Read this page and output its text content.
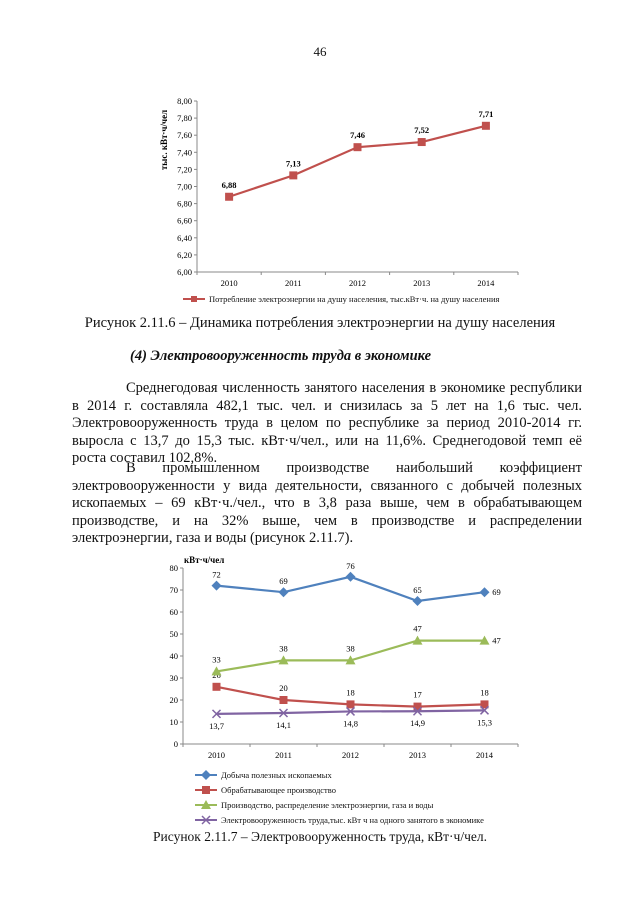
46
6,00
6,20
6,40
6,60
6,80
7,00
7,20
7,40
7,60
7,80
8,00
2010	2011	2012	2013	2014
тыс. кВт·ч/чел
6,88
7,13
7,46
7,52
7,71
Потребление электроэнергии на душу населения, тыс.кВт·ч. на душу населения
Рисунок 2.11.6 – Динамика потребления электроэнергии на душу населения
(4) Электровооруженность труда в экономике

Среднегодовая численность занятого населения в экономике республики в 2014 г. составляла 482,1 тыс. чел. и снизилась за 5 лет на 1,6 тыс. чел. Электровооруженность труда в целом по республике за период 2010-2014 гг. выросла с 13,7 до 15,3 тыс. кВт·ч/чел., или на 11,6%. Среднегодовой темп её роста составил 102,8%.

В промышленном производстве наибольший коэффициент электровооруженности у вида деятельности, связанного с добычей полезных ископаемых – 69 кВт·ч./чел., что в 3,8 раза выше, чем в обрабатывающем производстве, и на 32% выше, чем в производстве и распределении электроэнергии, газа и воды (рисунок 2.11.7).

0
10
20
30
40
50
60
70
80
2010	2011	2012	2013	2014
кВт·ч/чел
72
69
76
65	69
20	18	17	18
33
38	38
47
47
13,7	14,1	14,8	14,9	15,3
Добыча полезных ископаемых
Обрабатывающее производство
Производство, распределение электроэнергии, газа и воды
Электровооруженность труда,тыс. кВт ч на одного занятого в экономике
Рисунок 2.11.7 – Электровооруженность труда, кВт·ч/чел.
